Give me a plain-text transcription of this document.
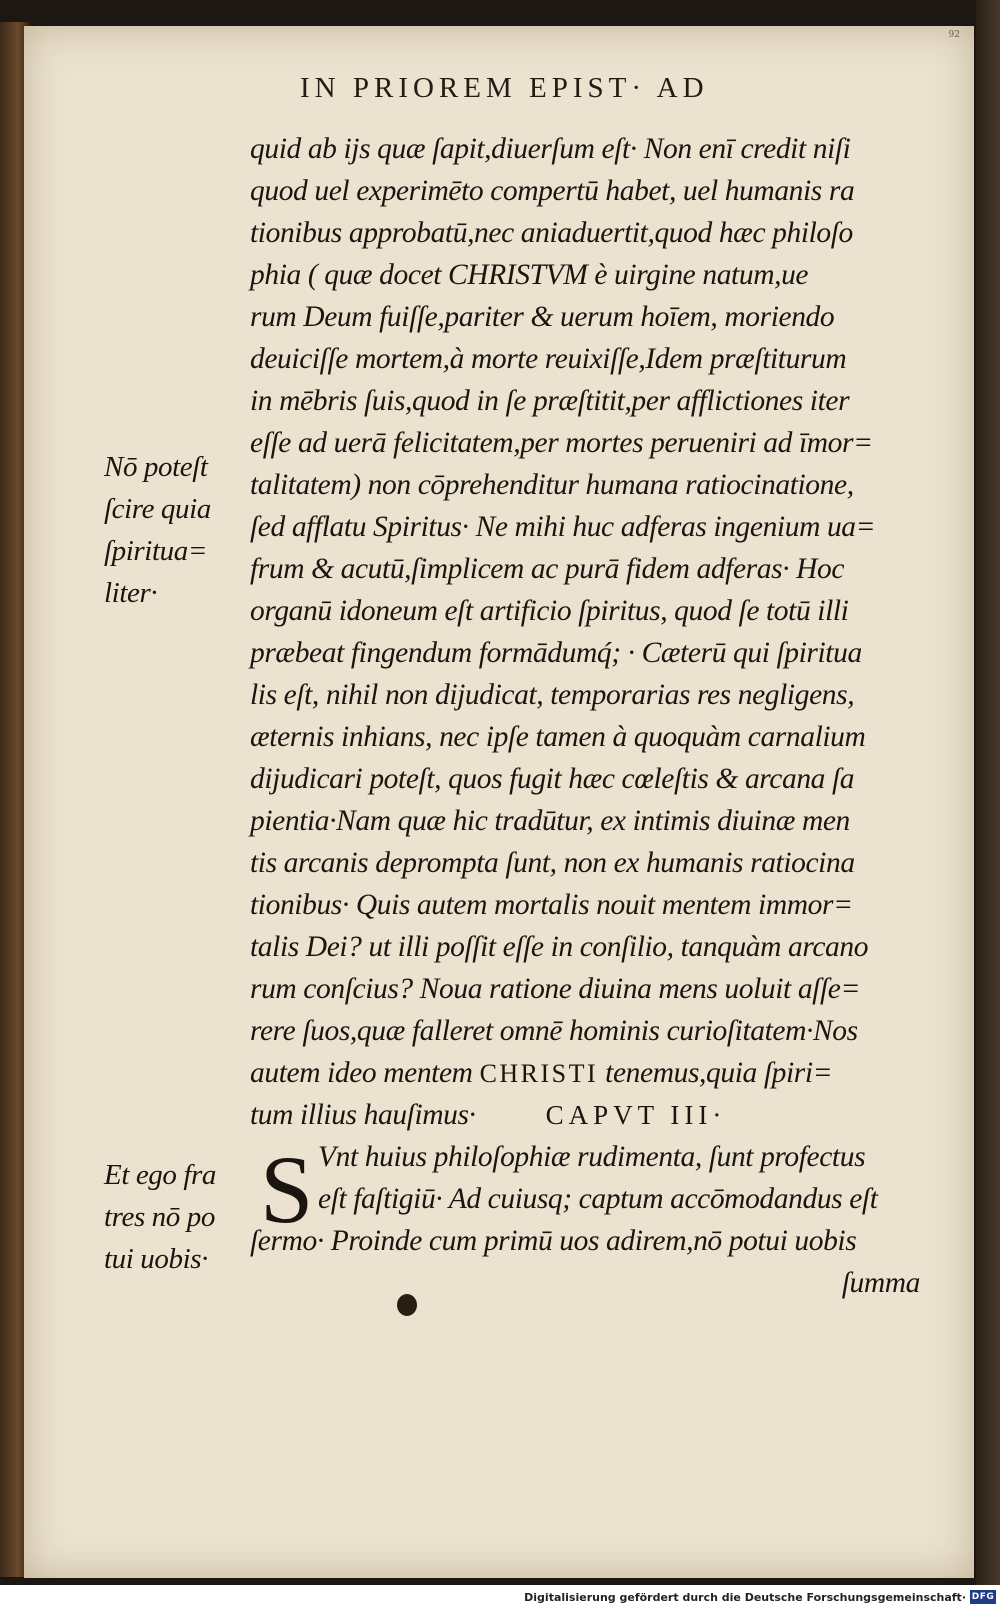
92
IN PRIOREM EPIST· AD
quid ab ijs quæ ſapit,diuerſum eſt· Non enī credit niſi
quod uel experimēto compertū habet, uel humanis ra
tionibus approbatū,nec aniaduertit,quod hæc philoſo
phia ( quæ docet CHRISTVM è uirgine natum,ue
rum Deum fuiſſe,pariter & uerum hoīem, moriendo
deuiciſſe mortem,à morte reuixiſſe,Idem præſtiturum
in mēbris ſuis,quod in ſe præſtitit,per afflictiones iter
eſſe ad uerā felicitatem,per mortes perueniri ad īmor=
talitatem) non cōprehenditur humana ratiocinatione,
ſed afflatu Spiritus· Ne mihi huc adferas ingenium ua=
frum & acutū,ſimplicem ac purā fidem adferas· Hoc
organū idoneum eſt artificio ſpiritus, quod ſe totū illi
præbeat fingendum formādumq́; · Cæterū qui ſpiritua
lis eſt, nihil non dijudicat, temporarias res negligens,
æternis inhians, nec ipſe tamen à quoquàm carnalium
dijudicari poteſt, quos fugit hæc cœleſtis & arcana ſa
pientia·Nam quæ hic tradūtur, ex intimis diuinæ men
tis arcanis deprompta ſunt, non ex humanis ratiocina
tionibus· Quis autem mortalis nouit mentem immor=
talis Dei? ut illi poſſit eſſe in conſilio, tanquàm arcano
rum conſcius? Noua ratione diuina mens uoluit aſſe=
rere ſuos,quæ falleret omnē hominis curioſitatem·Nos
autem ideo mentem CHRISTI tenemus,quia ſpiri=
tum illius hauſimus·	CAPVT III·
S Vnt huius philoſophiæ rudimenta, ſunt profectus
eſt faſtigiū· Ad cuiusq; captum accōmodandus eſt
ſermo· Proinde cum primū uos adirem,nō potui uobis
ſumma
Nō poteſt
ſcire quia
ſpiritua=
liter·
Et ego fra
tres nō po
tui uobis·
Digitalisierung gefördert durch die Deutsche Forschungsgemeinschaft· DFG
